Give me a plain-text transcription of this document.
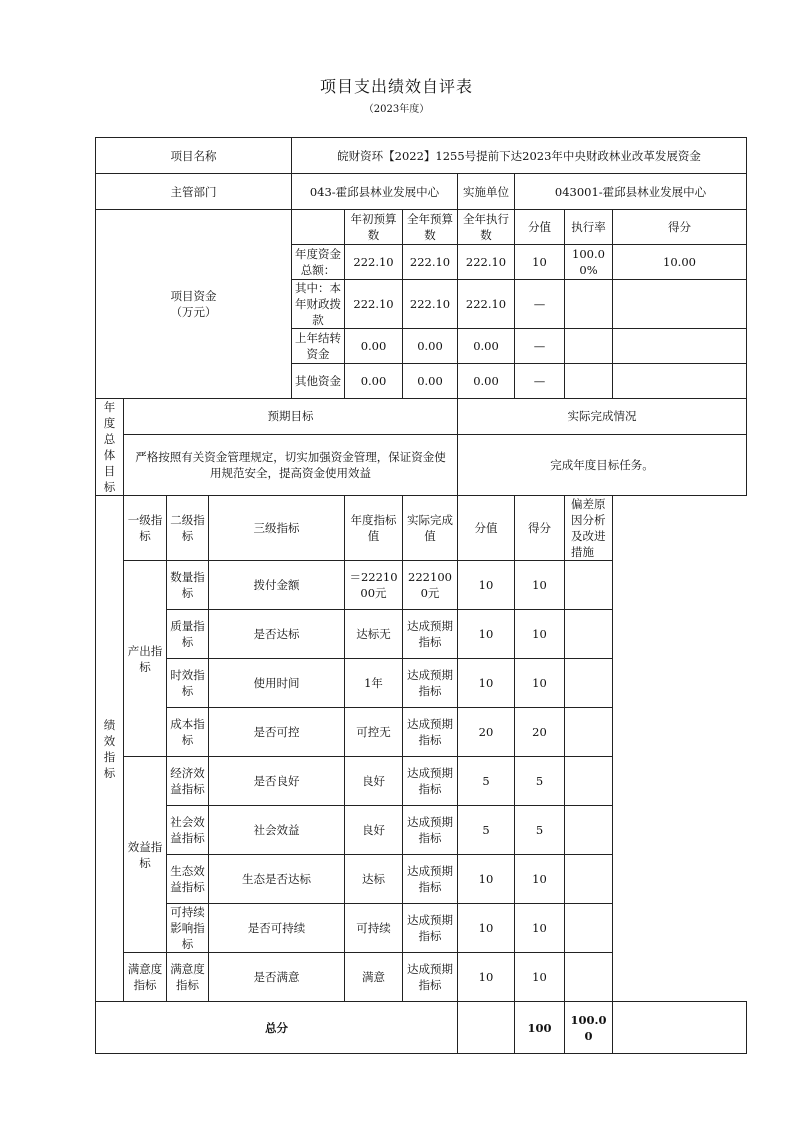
项目支出绩效自评表
（2023年度）
项目名称				皖财资环【2022】1255号提前下达2023年中央财政林业改革发展资金						
主管部门				043-霍邱县林业发展中心			实施单位	043001-霍邱县林业发展中心		
项目资金
（万元）					年初预算数	全年预算数	全年执行数	分值	执行率	得分
				年度资金总额：	222.10	222.10	222.10	10	100.00%	10.00
				其中：本年财政拨款	222.10	222.10	222.10	—		
				上年结转资金	0.00	0.00	0.00	—		
				其他资金	0.00	0.00	0.00	—		
年度总体目标	预期目标						实际完成情况			
	严格按照有关资金管理规定，切实加强资金管理，保证资金使用规范安全，提高资金使用效益						完成年度目标任务。			
绩效指标	一级指标	二级指标	三级指标		年度指标值	实际完成值	分值	得分	偏差原因分析及改进措施	
	产出指标	数量指标	拨付金额		＝2221000元	2221000元	10	10		
		质量指标	是否达标		达标无	达成预期指标	10	10		
		时效指标	使用时间		1年	达成预期指标	10	10		
		成本指标	是否可控		可控无	达成预期指标	20	20		
	效益指标	经济效益指标	是否良好		良好	达成预期指标	5	5		
		社会效益指标	社会效益		良好	达成预期指标	5	5		
		生态效益指标	生态是否达标		达标	达成预期指标	10	10		
		可持续影响指标	是否可持续		可持续	达成预期指标	10	10		
	满意度指标	满意度指标	是否满意		满意	达成预期指标	10	10		
总分								100	100.00	
